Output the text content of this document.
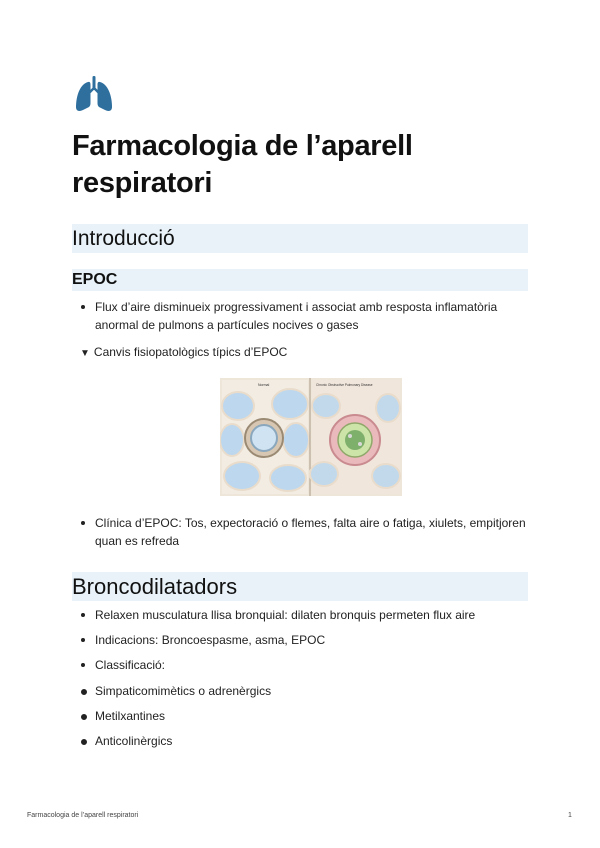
Farmacologia de l’aparell respiratori
Introducció
EPOC
Flux d’aire disminueix progressivament i associat amb resposta inflamatòria anormal de pulmons a partícules nocives o gases
▼ Canvis fisiopatològics típics d’EPOC
Normal	Chronic Obstructive Pulmonary Disease
Clínica d’EPOC: Tos, expectoració o flemes, falta aire o fatiga, xiulets, empitjoren quan es refreda
Broncodilatadors
Relaxen musculatura llisa bronquial: dilaten bronquis permeten flux aire
Indicacions: Broncoespasme, asma, EPOC
Classificació:
Simpaticomimètics o adrenèrgics
Metilxantines
Anticolinèrgics
Farmacologia de l’aparell respiratori	1
